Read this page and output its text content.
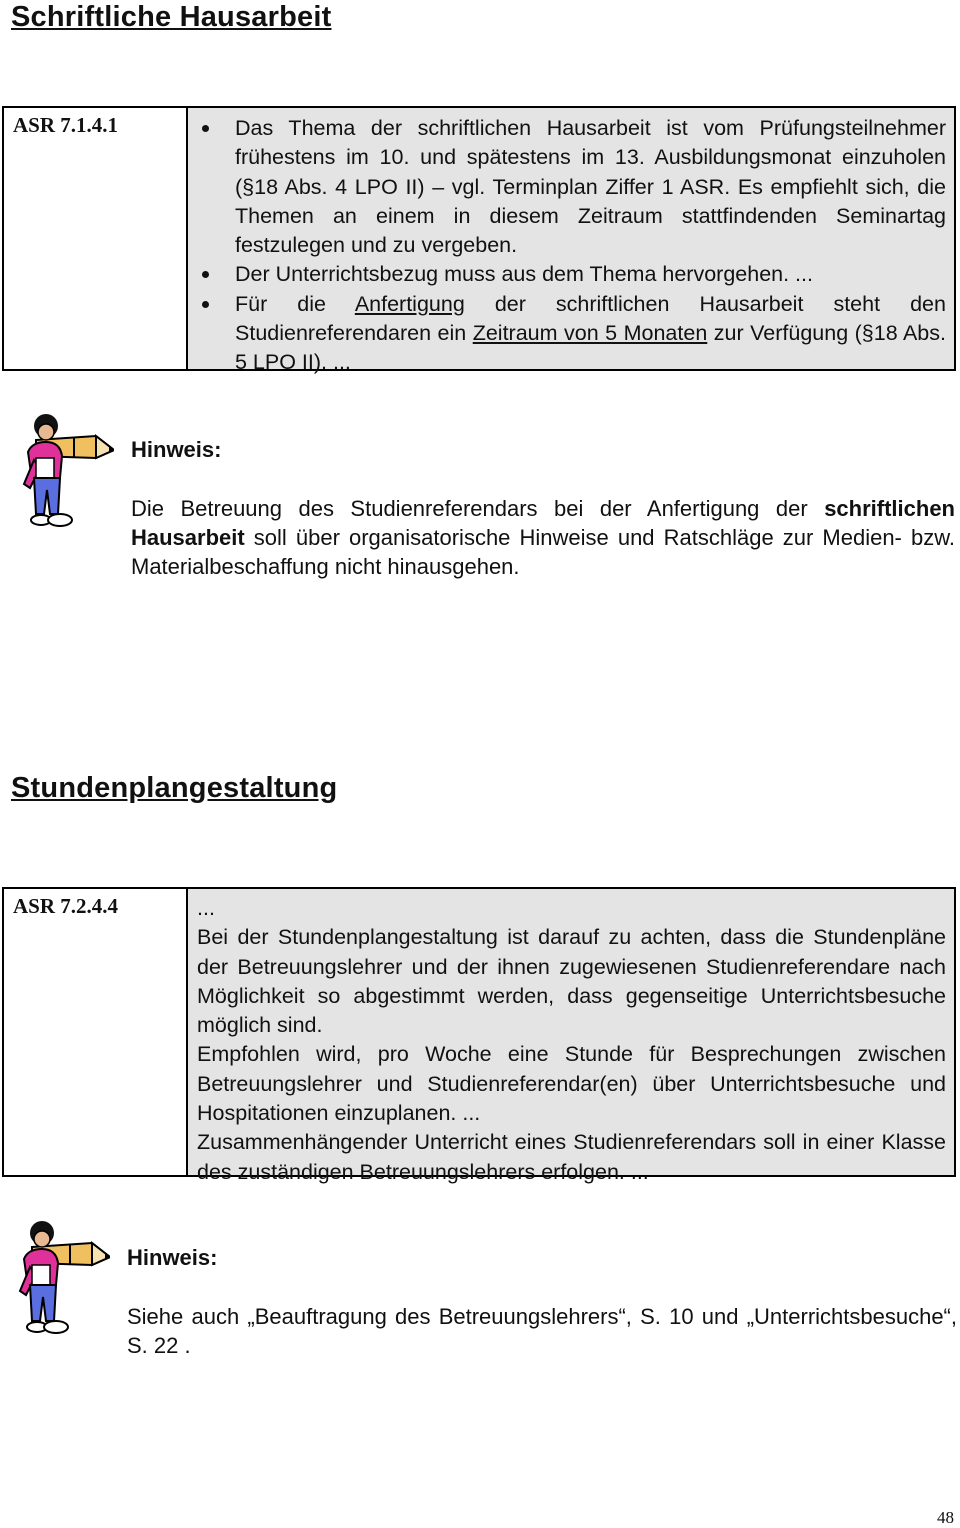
Schriftliche Hausarbeit
ASR 7.1.4.1	Das Thema der schriftlichen Hausarbeit ist vom Prüfungsteilnehmer frühestens im 10. und spätestens im 13. Ausbildungsmonat einzuholen (§18 Abs. 4 LPO II) – vgl. Terminplan Ziffer 1 ASR. Es empfiehlt sich, die Themen an einem in diesem Zeitraum stattfindenden Seminartag festzulegen und zu vergeben.
Der Unterrichtsbezug muss aus dem Thema hervorgehen. ...
Für die Anfertigung der schriftlichen Hausarbeit steht den Studienreferendaren ein Zeitraum von 5 Monaten zur Verfügung (§18 Abs. 5 LPO II). ...
Hinweis:
Die Betreuung des Studienreferendars bei der Anfertigung der schriftlichen Hausarbeit soll über organisatorische Hinweise und Ratschläge zur Medien- bzw. Materialbeschaffung nicht hinausgehen.
Stundenplangestaltung
ASR 7.2.4.4	...

Bei der Stundenplangestaltung ist darauf zu achten, dass die Stundenpläne der Betreuungslehrer und der ihnen zugewiesenen Studienreferendare nach Möglichkeit so abgestimmt werden, dass gegenseitige Unterrichtsbesuche möglich sind.

Empfohlen wird, pro Woche eine Stunde für Besprechungen zwischen Betreuungslehrer und Studienreferendar(en) über Unterrichtsbesuche und Hospitationen einzuplanen. ...

Zusammenhängender Unterricht eines Studienreferendars soll in einer Klasse des zuständigen Betreuungslehrers erfolgen. ...

Hinweis:
Siehe auch „Beauftragung des Betreuungslehrers“, S. 10 und „Unterrichtsbesuche“, S. 22 .
48
